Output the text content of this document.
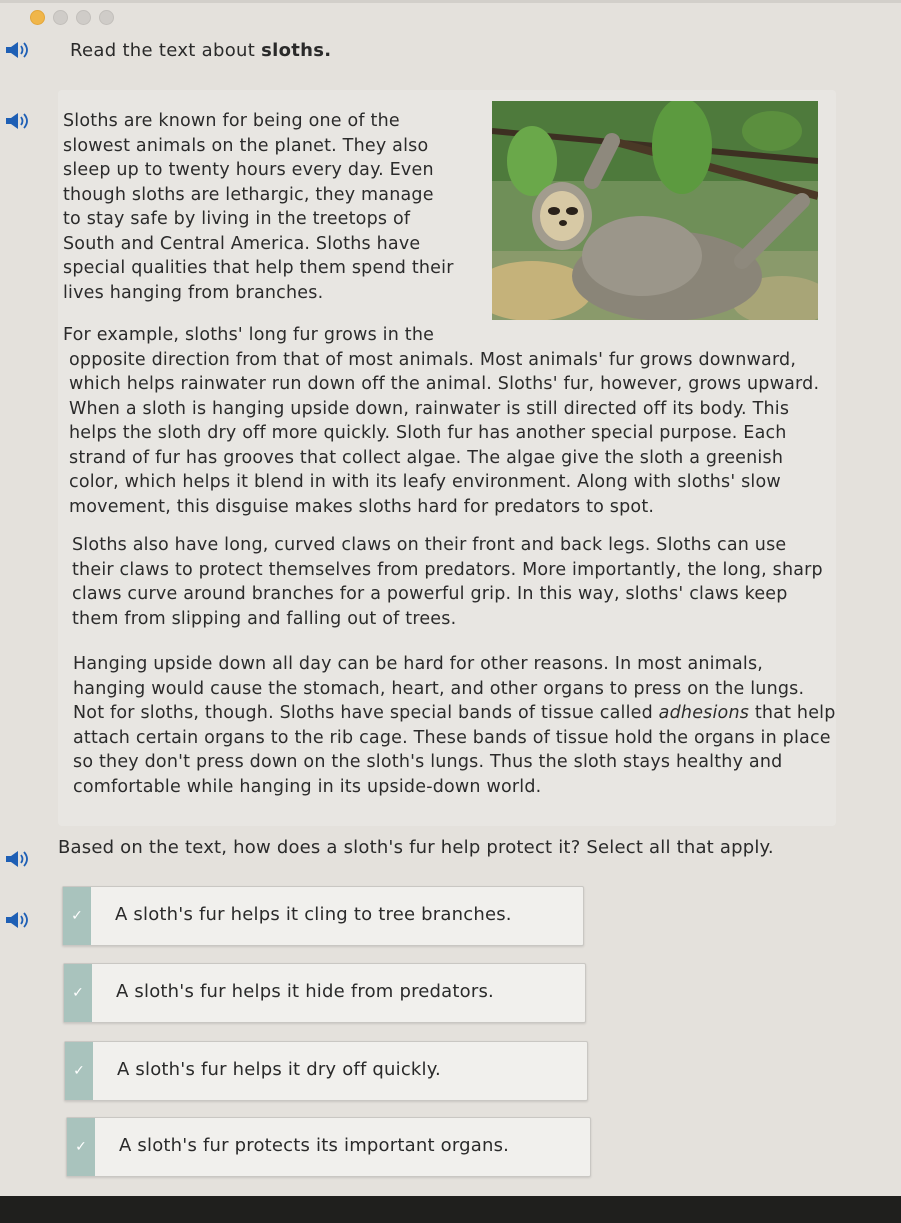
Read the text about sloths.
Sloths are known for being one of the
slowest animals on the planet. They also
sleep up to twenty hours every day. Even
though sloths are lethargic, they manage
to stay safe by living in the treetops of
South and Central America. Sloths have
special qualities that help them spend their
lives hanging from branches.
For example, sloths' long fur grows in the
opposite direction from that of most animals. Most animals' fur grows downward,
which helps rainwater run down off the animal. Sloths' fur, however, grows upward.
When a sloth is hanging upside down, rainwater is still directed off its body. This
helps the sloth dry off more quickly. Sloth fur has another special purpose. Each
strand of fur has grooves that collect algae. The algae give the sloth a greenish
color, which helps it blend in with its leafy environment. Along with sloths' slow
movement, this disguise makes sloths hard for predators to spot.
Sloths also have long, curved claws on their front and back legs. Sloths can use
their claws to protect themselves from predators. More importantly, the long, sharp
claws curve around branches for a powerful grip. In this way, sloths' claws keep
them from slipping and falling out of trees.
Hanging upside down all day can be hard for other reasons. In most animals,
hanging would cause the stomach, heart, and other organs to press on the lungs.
Not for sloths, though. Sloths have special bands of tissue called adhesions that help
attach certain organs to the rib cage. These bands of tissue hold the organs in place
so they don't press down on the sloth's lungs. Thus the sloth stays healthy and
comfortable while hanging in its upside-down world.
Based on the text, how does a sloth's fur help protect it? Select all that apply.
✓	A sloth's fur helps it cling to tree branches.
✓	A sloth's fur helps it hide from predators.
✓	A sloth's fur helps it dry off quickly.
✓	A sloth's fur protects its important organs.
